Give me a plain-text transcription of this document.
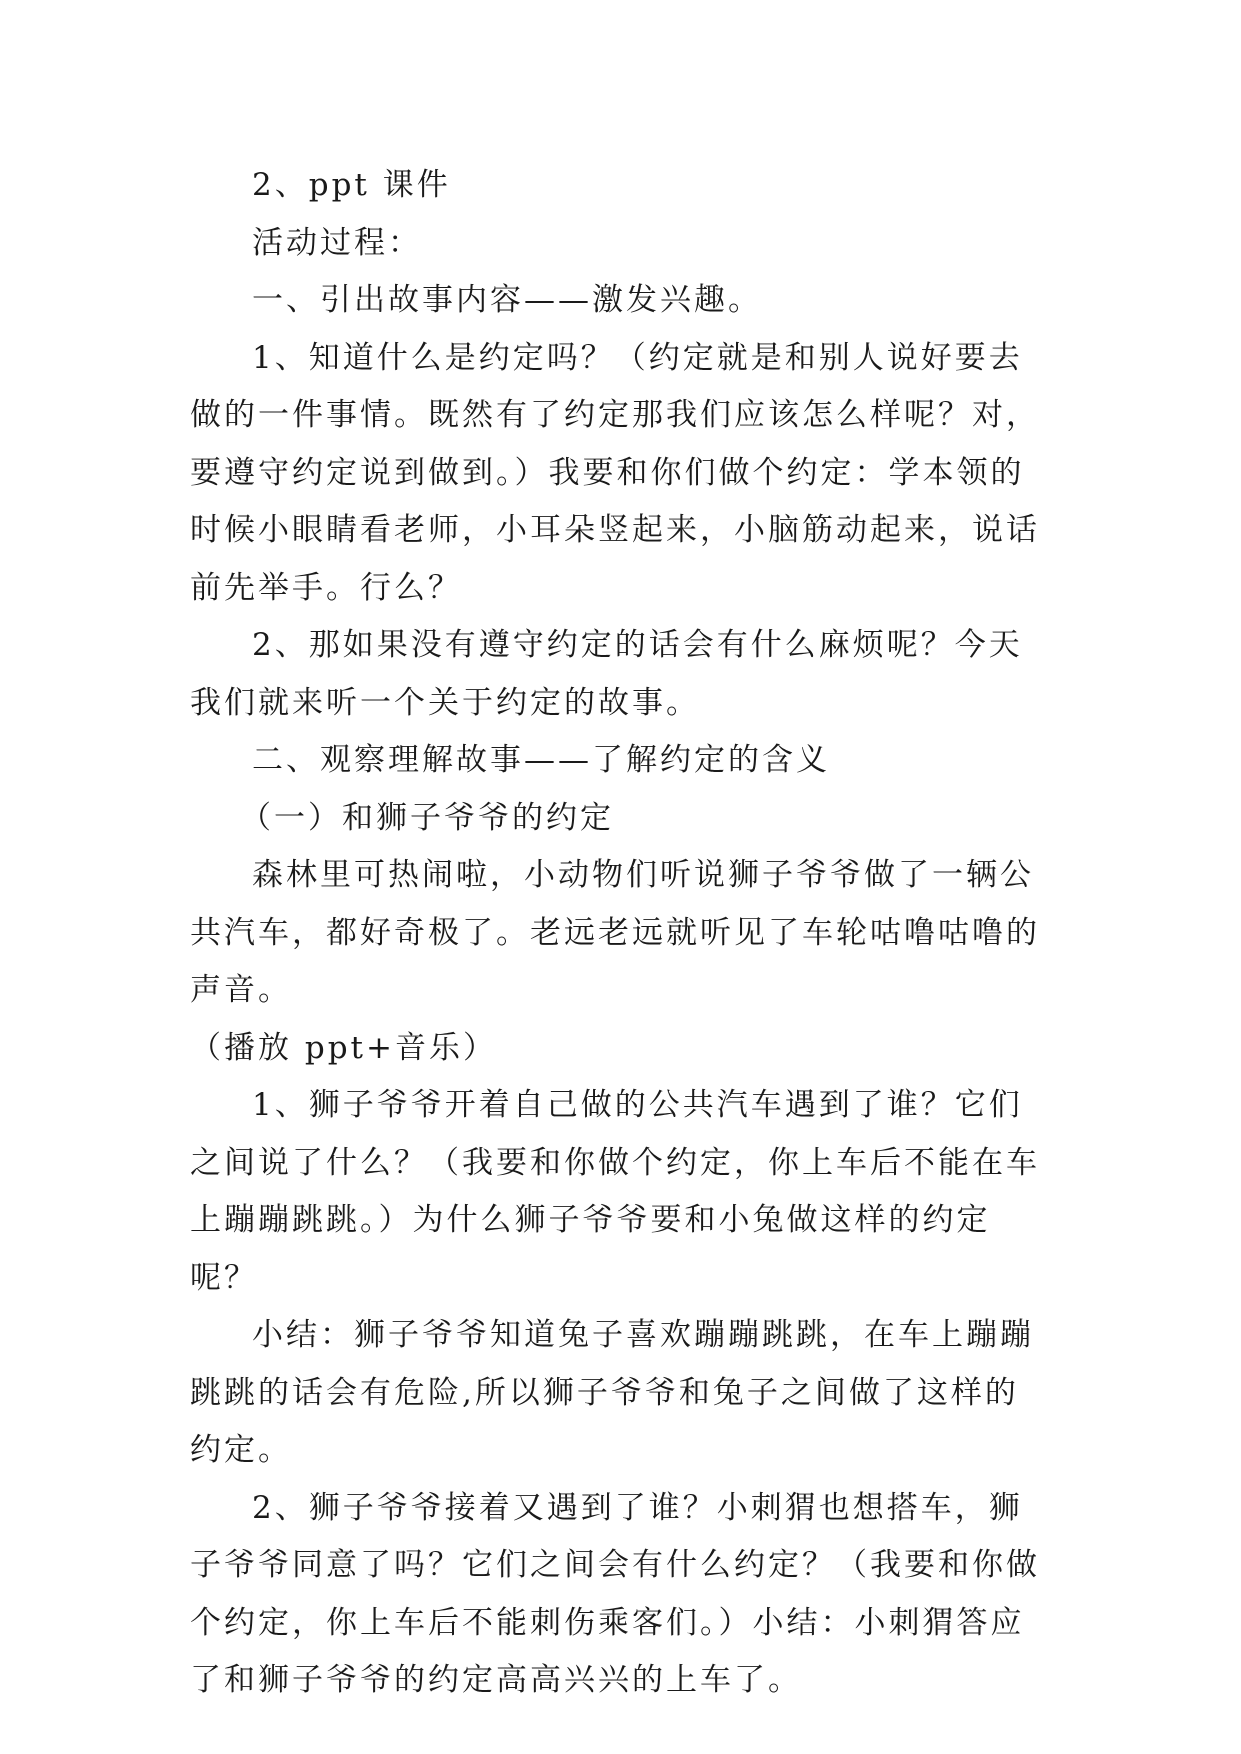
2、ppt 课件

活动过程：

一、引出故事内容——激发兴趣。

1、知道什么是约定吗？（约定就是和别人说好要去做的一件事情。既然有了约定那我们应该怎么样呢？对，要遵守约定说到做到。）我要和你们做个约定：学本领的时候小眼睛看老师，小耳朵竖起来，小脑筋动起来，说话前先举手。行么？

2、那如果没有遵守约定的话会有什么麻烦呢？今天我们就来听一个关于约定的故事。

二、观察理解故事——了解约定的含义

（一）和狮子爷爷的约定

森林里可热闹啦，小动物们听说狮子爷爷做了一辆公共汽车，都好奇极了。老远老远就听见了车轮咕噜咕噜的声音。

（播放 ppt+音乐）

1、狮子爷爷开着自己做的公共汽车遇到了谁？它们之间说了什么？（我要和你做个约定，你上车后不能在车上蹦蹦跳跳。）为什么狮子爷爷要和小兔做这样的约定呢？

小结：狮子爷爷知道兔子喜欢蹦蹦跳跳，在车上蹦蹦跳跳的话会有危险,所以狮子爷爷和兔子之间做了这样的约定。

2、狮子爷爷接着又遇到了谁？小刺猬也想搭车，狮子爷爷同意了吗？它们之间会有什么约定？（我要和你做个约定，你上车后不能刺伤乘客们。）小结：小刺猬答应了和狮子爷爷的约定高高兴兴的上车了。
